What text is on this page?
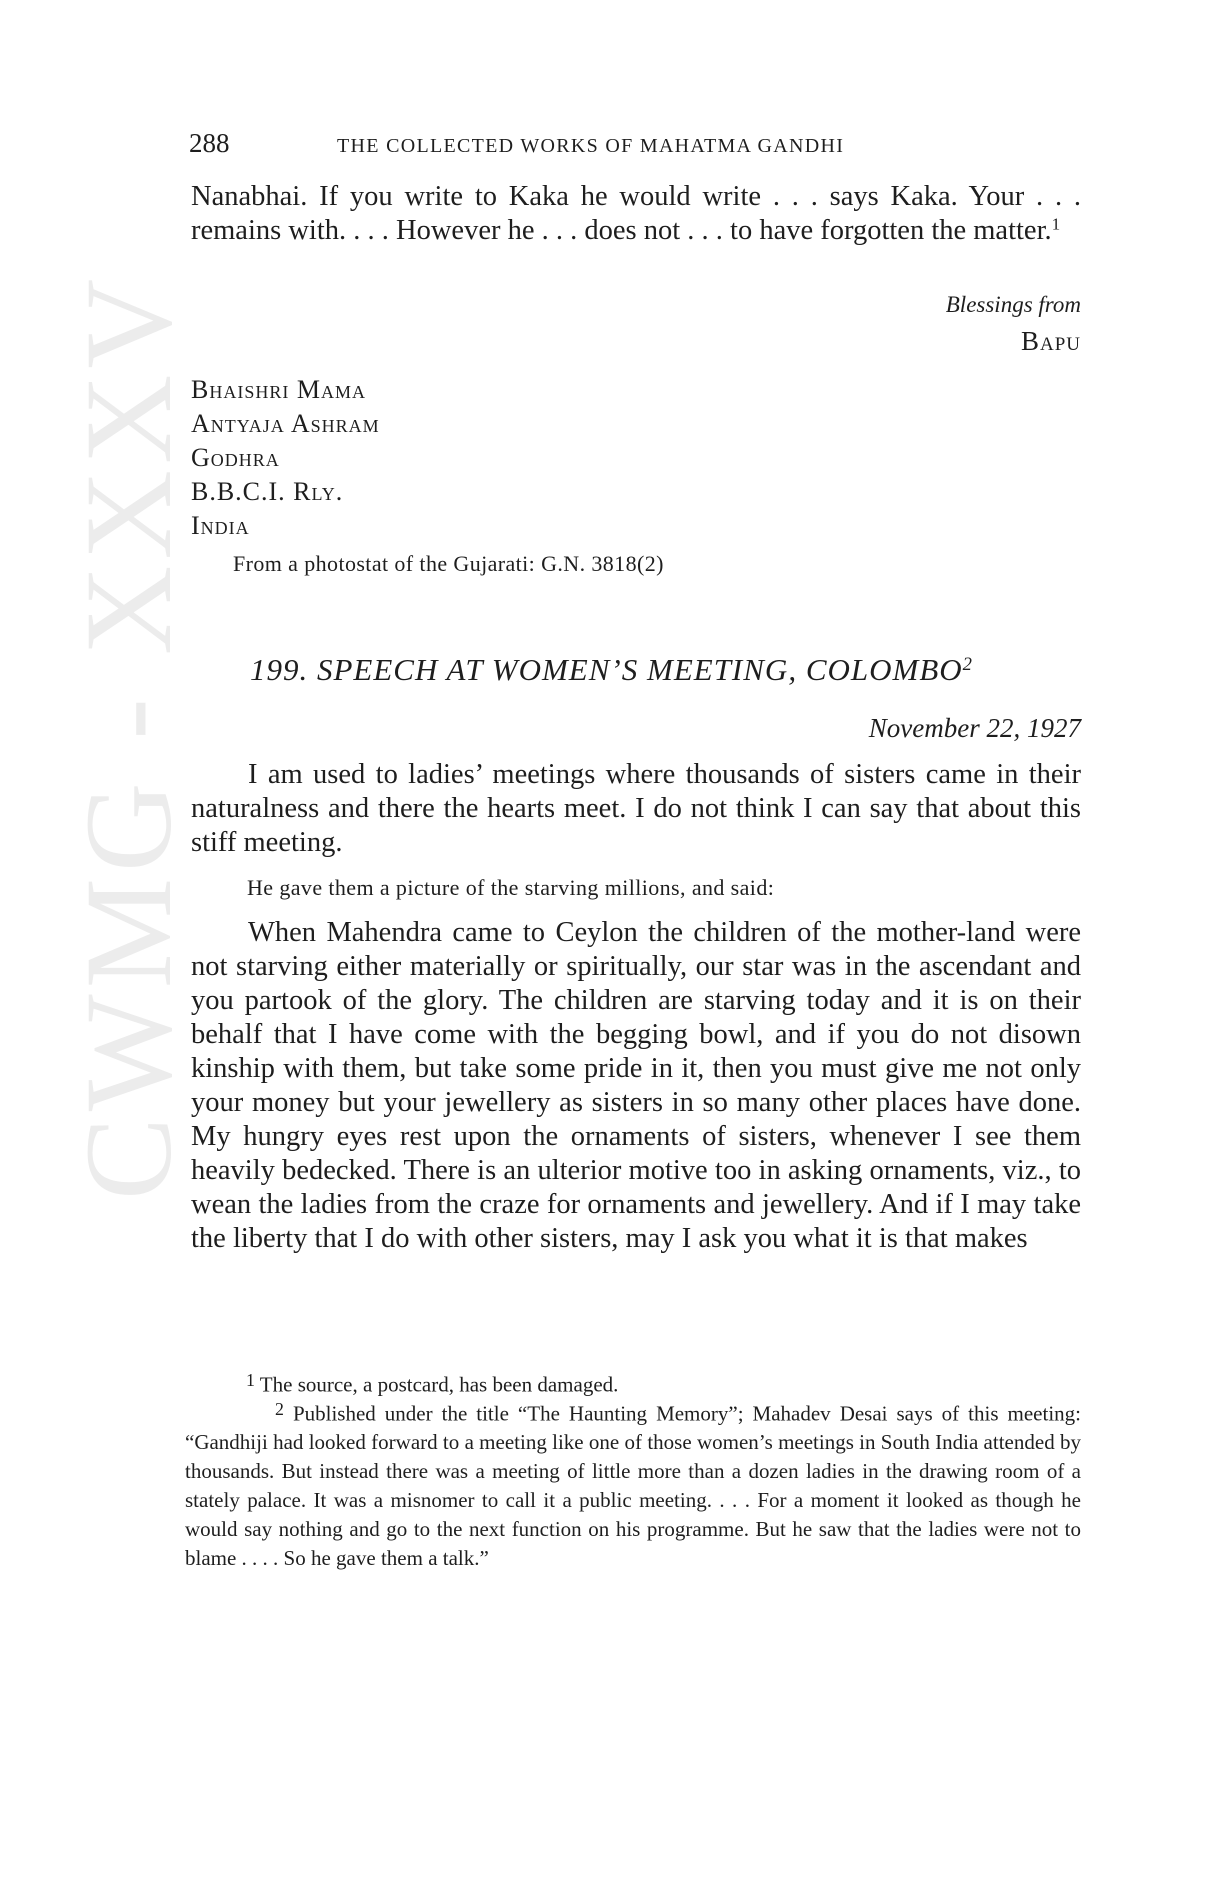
CWMG - XXXV
288	THE COLLECTED WORKS OF MAHATMA GANDHI
Nanabhai. If you write to Kaka he would write . . . says Kaka. Your . . . remains with. . . . However he . . . does not . . . to have forgotten the matter.$^1$
Blessings from
Bapu
Bhaishri Mama
Antyaja Ashram
Godhra
B.B.C.I. Rly.
India
From a photostat of the Gujarati: G.N. 3818(2)
199. SPEECH AT WOMEN’S MEETING, COLOMBO$^2$
November 22, 1927
I am used to ladies’ meetings where thousands of sisters came in their naturalness and there the hearts meet. I do not think I can say that about this stiff meeting.
He gave them a picture of the starving millions, and said:
When Mahendra came to Ceylon the children of the mother-land were not starving either materially or spiritually, our star was in the ascendant and you partook of the glory. The children are starving today and it is on their behalf that I have come with the begging bowl, and if you do not disown kinship with them, but take some pride in it, then you must give me not only your money but your jewellery as sisters in so many other places have done. My hungry eyes rest upon the ornaments of sisters, whenever I see them heavily bedecked. There is an ulterior motive too in asking ornaments, viz., to wean the ladies from the craze for ornaments and jewellery. And if I may take the liberty that I do with other sisters, may I ask you what it is that makes
1 The source, a postcard, has been damaged.
2 Published under the title “The Haunting Memory”; Mahadev Desai says of this meeting: “Gandhiji had looked forward to a meeting like one of those women’s meetings in South India attended by thousands. But instead there was a meeting of little more than a dozen ladies in the drawing room of a stately palace. It was a misnomer to call it a public meeting. . . . For a moment it looked as though he would say nothing and go to the next function on his programme. But he saw that the ladies were not to blame . . . . So he gave them a talk.”
